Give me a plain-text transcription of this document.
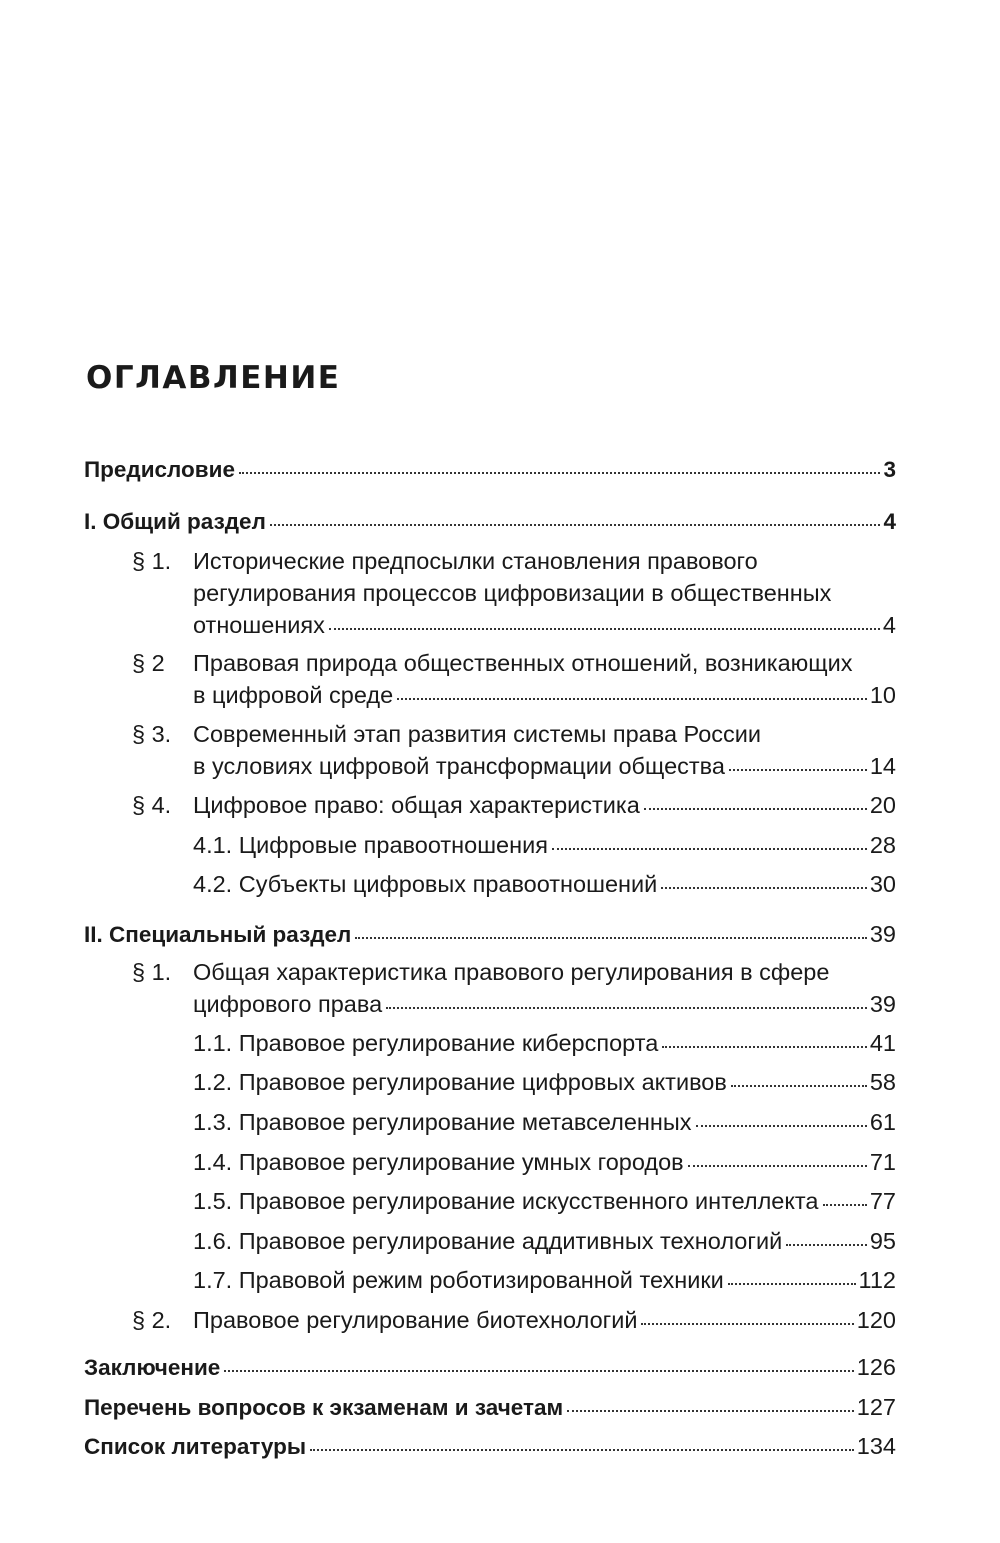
ОГЛАВЛЕНИЕ
Предисловие	3
I. Общий раздел	4
§ 1. Исторические предпосылки становления правового
регулирования процессов цифровизации в общественных
отношениях	4
§ 2 Правовая природа общественных отношений, возникающих
в цифровой среде	10
§ 3. Современный этап развития системы права России
в условиях цифровой трансформации общества	14
§ 4. Цифровое право: общая характеристика	20
4.1. Цифровые правоотношения	28
4.2. Субъекты цифровых правоотношений	30
II. Специальный раздел	39
§ 1. Общая характеристика правового регулирования в сфере
цифрового права	39
1.1. Правовое регулирование киберспорта	41
1.2. Правовое регулирование цифровых активов	58
1.3. Правовое регулирование метавселенных	61
1.4. Правовое регулирование умных городов	71
1.5. Правовое регулирование искусственного интеллекта 77
1.6. Правовое регулирование аддитивных технологий	95
1.7. Правовой режим роботизированной техники	112
§ 2. Правовое регулирование биотехнологий	120
Заключение	126
Перечень вопросов к экзаменам и зачетам	127
Список литературы	134
